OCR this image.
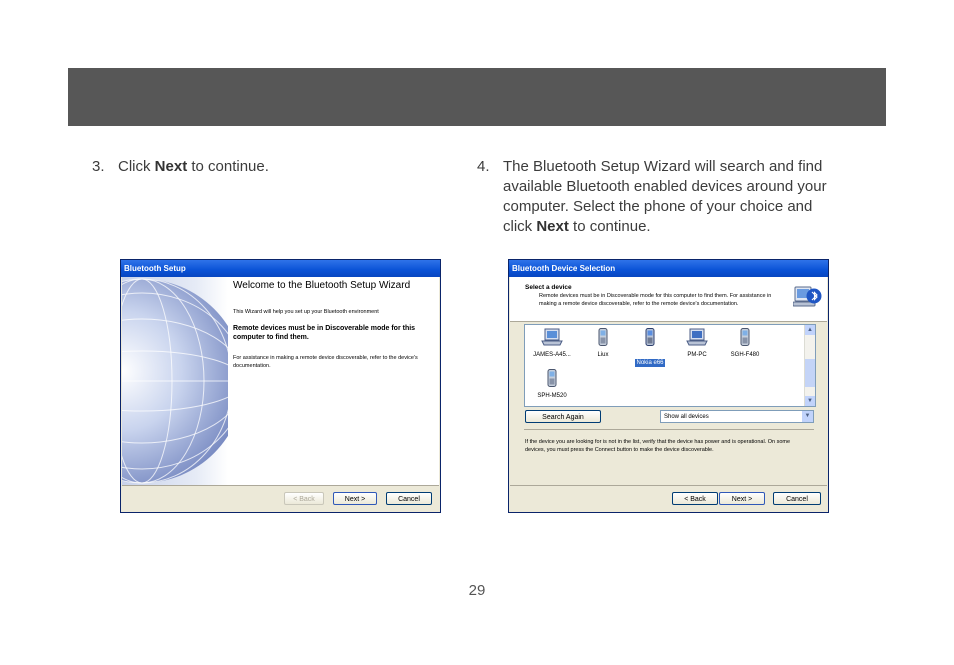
3. Click Next to continue.	4. The Bluetooth Setup Wizard will search and find
available Bluetooth enabled devices around your
computer. Select the phone of your choice and
click Next to continue.
Bluetooth Setup
Welcome to the Bluetooth Setup Wizard
This Wizard will help you set up your Bluetooth environment
Remote devices must be in Discoverable mode for this computer to find them.
For assistance in making a remote device discoverable, refer to the device's documentation.
< Back	Next >	Cancel
Bluetooth Device Selection
Select a device
Remote devices must be in Discoverable mode for this computer to find them. For assistance in making a remote device discoverable, refer to the remote device's documentation.
JAMES-A45...	Liux
Nokia e66
PM-PC	SGH-F480
SPH-M520
▲
▼
Search Again	Show all devices	▼
If the device you are looking for is not in the list, verify that the device has power and is operational. On some devices, you must press the Connect button to make the device discoverable.
< Back	Next >	Cancel
29
